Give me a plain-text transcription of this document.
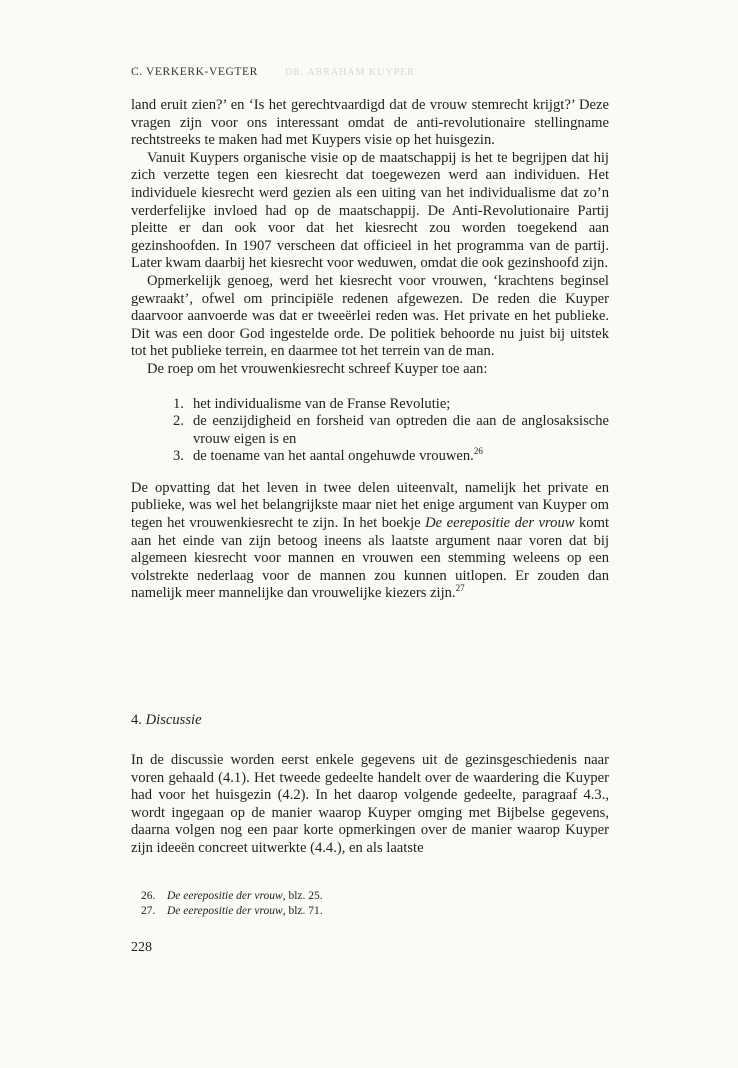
C. VERKERK-VEGTER	DR. ABRAHAM KUYPER

land eruit zien?’ en ‘Is het gerechtvaardigd dat de vrouw stemrecht krijgt?’ Deze vragen zijn voor ons interessant omdat de anti-revolutionaire stellingname rechtstreeks te maken had met Kuypers visie op het huisgezin.

Vanuit Kuypers organische visie op de maatschappij is het te begrijpen dat hij zich verzette tegen een kiesrecht dat toegewezen werd aan individuen. Het individuele kiesrecht werd gezien als een uiting van het individualisme dat zo’n verderfelijke invloed had op de maatschappij. De Anti-Revolutionaire Partij pleitte er dan ook voor dat het kiesrecht zou worden toegekend aan gezinshoofden. In 1907 verscheen dat officieel in het programma van de partij. Later kwam daarbij het kiesrecht voor weduwen, omdat die ook gezinshoofd zijn.

Opmerkelijk genoeg, werd het kiesrecht voor vrouwen, ‘krachtens beginsel gewraakt’, ofwel om principiële redenen afgewezen. De reden die Kuyper daarvoor aanvoerde was dat er tweeërlei reden was. Het private en het publieke. Dit was een door God ingestelde orde. De politiek behoorde nu juist bij uitstek tot het publieke terrein, en daarmee tot het terrein van de man.

De roep om het vrouwenkiesrecht schreef Kuyper toe aan:

1. het individualisme van de Franse Revolutie;
2. de eenzijdigheid en forsheid van optreden die aan de anglosaksische vrouw eigen is en
3. de toename van het aantal ongehuwde vrouwen.$^{26}$

De opvatting dat het leven in twee delen uiteenvalt, namelijk het private en publieke, was wel het belangrijkste maar niet het enige argument van Kuyper om tegen het vrouwenkiesrecht te zijn. In het boekje De eerepositie der vrouw komt aan het einde van zijn betoog ineens als laatste argument naar voren dat bij algemeen kiesrecht voor mannen en vrouwen een stemming weleens op een volstrekte nederlaag voor de mannen zou kunnen uitlopen. Er zouden dan namelijk meer mannelijke dan vrouwelijke kiezers zijn.$^{27}$

4. Discussie

In de discussie worden eerst enkele gegevens uit de gezinsgeschiedenis naar voren gehaald (4.1). Het tweede gedeelte handelt over de waardering die Kuyper had voor het huisgezin (4.2). In het daarop volgende gedeelte, paragraaf 4.3., wordt ingegaan op de manier waarop Kuyper omging met Bijbelse gegevens, daarna volgen nog een paar korte opmerkingen over de manier waarop Kuyper zijn ideeën concreet uitwerkte (4.4.), en als laatste

26.	De eerepositie der vrouw, blz. 25.
27.	De eerepositie der vrouw, blz. 71.
228
